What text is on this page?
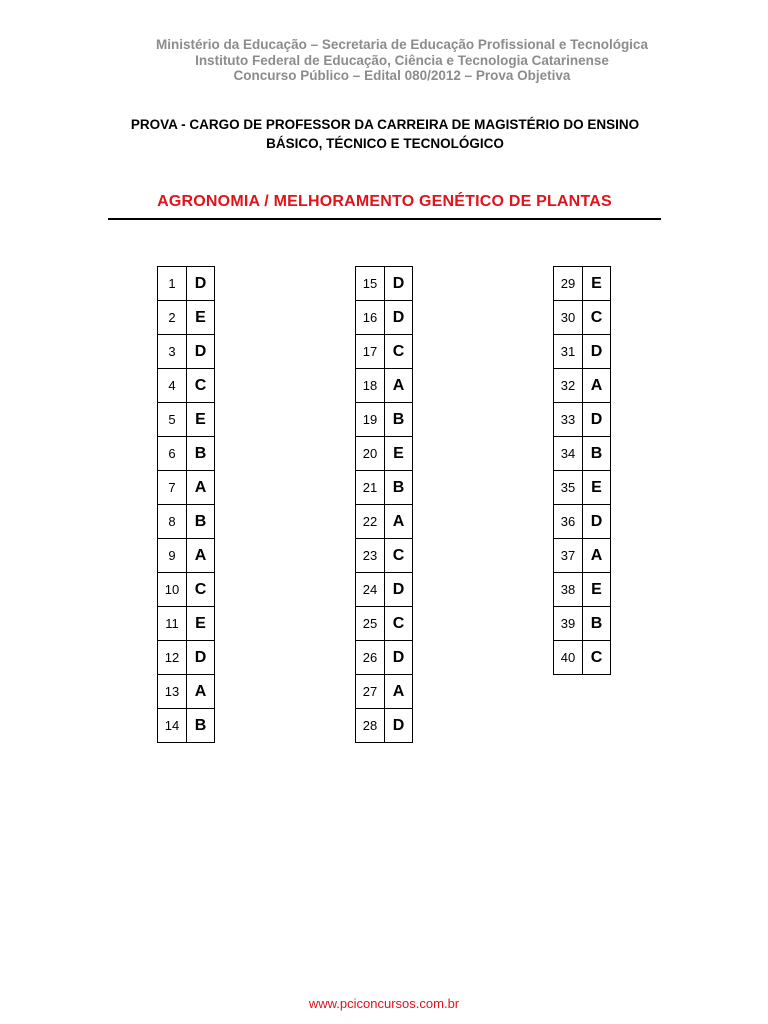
Ministério da Educação – Secretaria de Educação Profissional e Tecnológica

Instituto Federal de Educação, Ciência e Tecnologia Catarinense

Concurso Público – Edital 080/2012 – Prova Objetiva

PROVA - CARGO DE PROFESSOR DA CARREIRA DE MAGISTÉRIO DO ENSINO
BÁSICO, TÉCNICO E TECNOLÓGICO
AGRONOMIA / MELHORAMENTO GENÉTICO DE PLANTAS
1	D
2	E
3	D
4	C
5	E
6	B
7	A
8	B
9	A
10	C
11	E
12	D
13	A
14	B
15	D
16	D
17	C
18	A
19	B
20	E
21	B
22	A
23	C
24	D
25	C
26	D
27	A
28	D
29	E
30	C
31	D
32	A
33	D
34	B
35	E
36	D
37	A
38	E
39	B
40	C
www.pciconcursos.com.br
